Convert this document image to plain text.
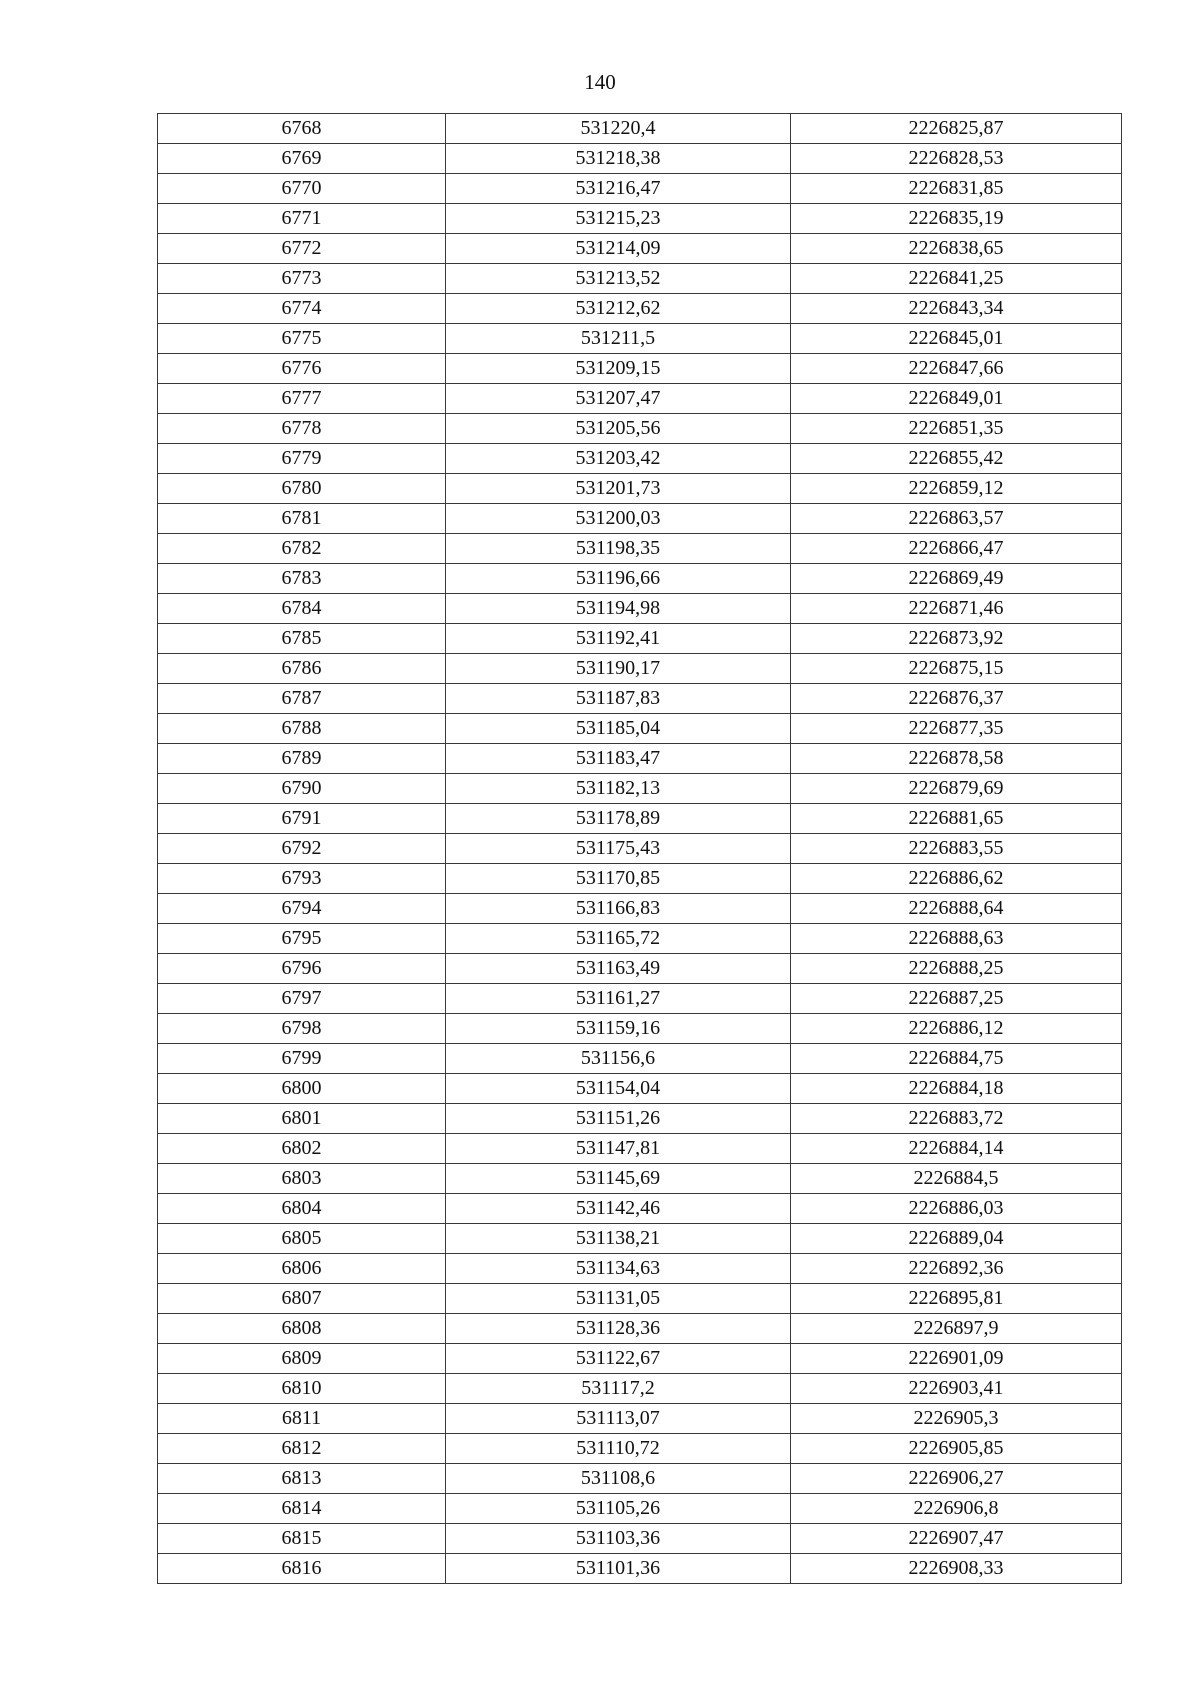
140
6768	531220,4	2226825,87
6769	531218,38	2226828,53
6770	531216,47	2226831,85
6771	531215,23	2226835,19
6772	531214,09	2226838,65
6773	531213,52	2226841,25
6774	531212,62	2226843,34
6775	531211,5	2226845,01
6776	531209,15	2226847,66
6777	531207,47	2226849,01
6778	531205,56	2226851,35
6779	531203,42	2226855,42
6780	531201,73	2226859,12
6781	531200,03	2226863,57
6782	531198,35	2226866,47
6783	531196,66	2226869,49
6784	531194,98	2226871,46
6785	531192,41	2226873,92
6786	531190,17	2226875,15
6787	531187,83	2226876,37
6788	531185,04	2226877,35
6789	531183,47	2226878,58
6790	531182,13	2226879,69
6791	531178,89	2226881,65
6792	531175,43	2226883,55
6793	531170,85	2226886,62
6794	531166,83	2226888,64
6795	531165,72	2226888,63
6796	531163,49	2226888,25
6797	531161,27	2226887,25
6798	531159,16	2226886,12
6799	531156,6	2226884,75
6800	531154,04	2226884,18
6801	531151,26	2226883,72
6802	531147,81	2226884,14
6803	531145,69	2226884,5
6804	531142,46	2226886,03
6805	531138,21	2226889,04
6806	531134,63	2226892,36
6807	531131,05	2226895,81
6808	531128,36	2226897,9
6809	531122,67	2226901,09
6810	531117,2	2226903,41
6811	531113,07	2226905,3
6812	531110,72	2226905,85
6813	531108,6	2226906,27
6814	531105,26	2226906,8
6815	531103,36	2226907,47
6816	531101,36	2226908,33
